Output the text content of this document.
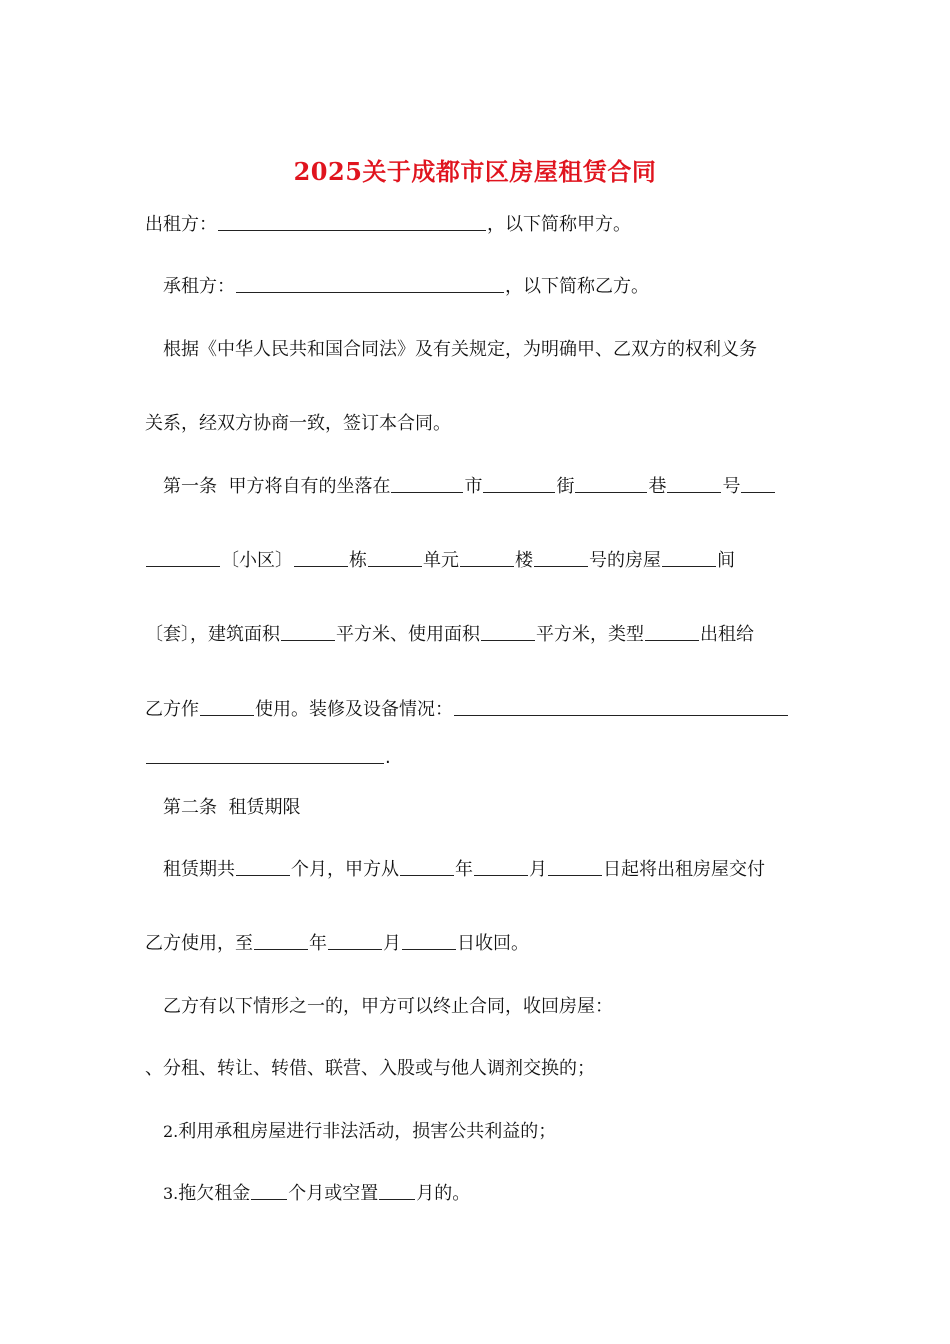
2025关于成都市区房屋租赁合同
出租方：	，以下简称甲方。
承租方：	，以下简称乙方。
根据《中华人民共和国合同法》及有关规定，为明确甲、乙双方的权利义务
关系，经双方协商一致，签订本合同。
第一条 甲方将自有的坐落在	市	街	巷	号
〔小区〕	栋	单元	楼	号的房屋	间
〔套〕，建筑面积	平方米、使用面积	平方米，类型	出租给
乙方作	使用。装修及设备情况：
.
第二条 租赁期限
租赁期共	个月，甲方从	年	月	日起将出租房屋交付
乙方使用，至	年	月	日收回。
乙方有以下情形之一的，甲方可以终止合同，收回房屋：
、分租、转让、转借、联营、入股或与他人调剂交换的；
2.利用承租房屋进行非法活动，损害公共利益的；
3.拖欠租金 个月或空置 月的。
